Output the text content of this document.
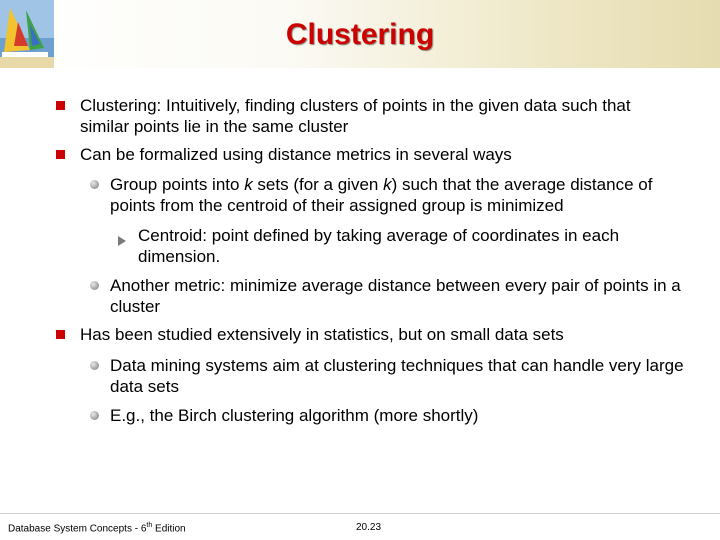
Clustering
Clustering: Intuitively, finding clusters of points in the given data such that similar points lie in the same cluster
Can be formalized using distance metrics in several ways
Group points into k sets (for a given k) such that the average distance of points from the centroid of their assigned group is minimized
Centroid: point defined by taking average of coordinates in each dimension.
Another metric: minimize average distance between every pair of points in a cluster
Has been studied extensively in statistics, but on small data sets
Data mining systems aim at clustering techniques that can handle very large data sets
E.g., the Birch clustering algorithm (more shortly)
Database System Concepts - 6th Edition	20.23
